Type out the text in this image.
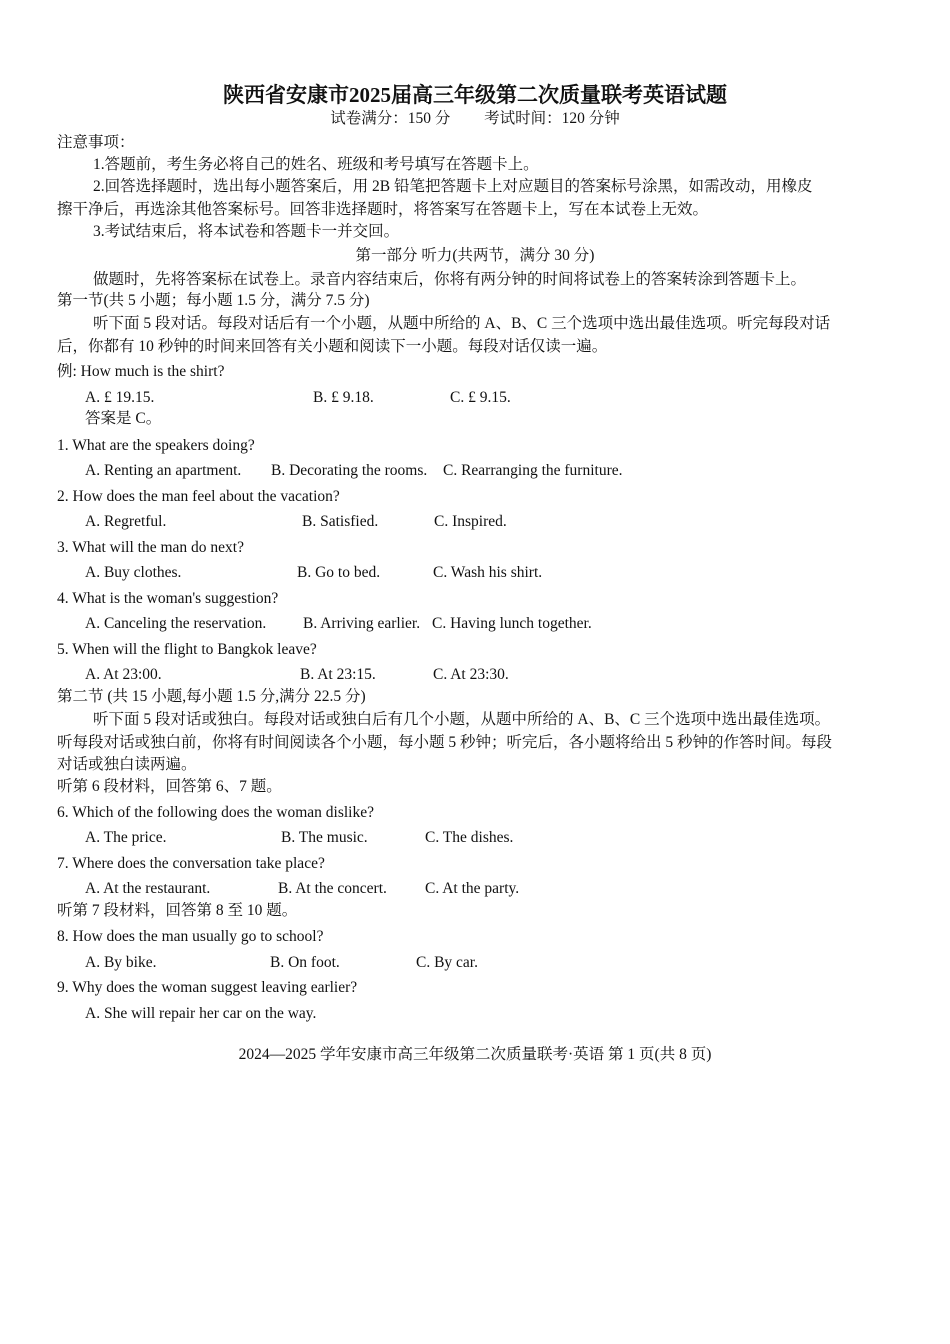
陕西省安康市2025届高三年级第二次质量联考英语试题
试卷满分：150 分 考试时间：120 分钟
注意事项：
1.答题前，考生务必将自己的姓名、班级和考号填写在答题卡上。
2.回答选择题时，选出每小题答案后，用 2B 铅笔把答题卡上对应题目的答案标号涂黑，如需改动，用橡皮
擦干净后，再选涂其他答案标号。回答非选择题时，将答案写在答题卡上，写在本试卷上无效。
3.考试结束后，将本试卷和答题卡一并交回。
第一部分 听力(共两节，满分 30 分)
做题时，先将答案标在试卷上。录音内容结束后，你将有两分钟的时间将试卷上的答案转涂到答题卡上。
第一节(共 5 小题；每小题 1.5 分，满分 7.5 分)
听下面 5 段对话。每段对话后有一个小题，从题中所给的 A、B、C 三个选项中选出最佳选项。听完每段对话
后，你都有 10 秒钟的时间来回答有关小题和阅读下一小题。每段对话仅读一遍。
例: How much is the shirt?
A. £ 19.15.	B. £ 9.18.	C. £ 9.15.
答案是 C。
1. What are the speakers doing?
A. Renting an apartment. B. Decorating the rooms. C. Rearranging the furniture.
2. How does the man feel about the vacation?
A. Regretful.	B. Satisfied.	C. Inspired.
3. What will the man do next?
A. Buy clothes.	B. Go to bed.	C. Wash his shirt.
4. What is the woman's suggestion?
A. Canceling the reservation. B. Arriving earlier. C. Having lunch together.
5. When will the flight to Bangkok leave?
A. At 23:00.	B. At 23:15.	C. At 23:30.
第二节 (共 15 小题,每小题 1.5 分,满分 22.5 分)
听下面 5 段对话或独白。每段对话或独白后有几个小题，从题中所给的 A、B、C 三个选项中选出最佳选项。
听每段对话或独白前，你将有时间阅读各个小题，每小题 5 秒钟；听完后，各小题将给出 5 秒钟的作答时间。每段
对话或独白读两遍。
听第 6 段材料，回答第 6、7 题。
6. Which of the following does the woman dislike?
A. The price.	B. The music.	C. The dishes.
7. Where does the conversation take place?
A. At the restaurant.	B. At the concert. C. At the party.
听第 7 段材料，回答第 8 至 10 题。
8. How does the man usually go to school?
A. By bike.	B. On foot.	C. By car.
9. Why does the woman suggest leaving earlier?
A. She will repair her car on the way.
2024—2025 学年安康市高三年级第二次质量联考·英语 第 1 页(共 8 页)
